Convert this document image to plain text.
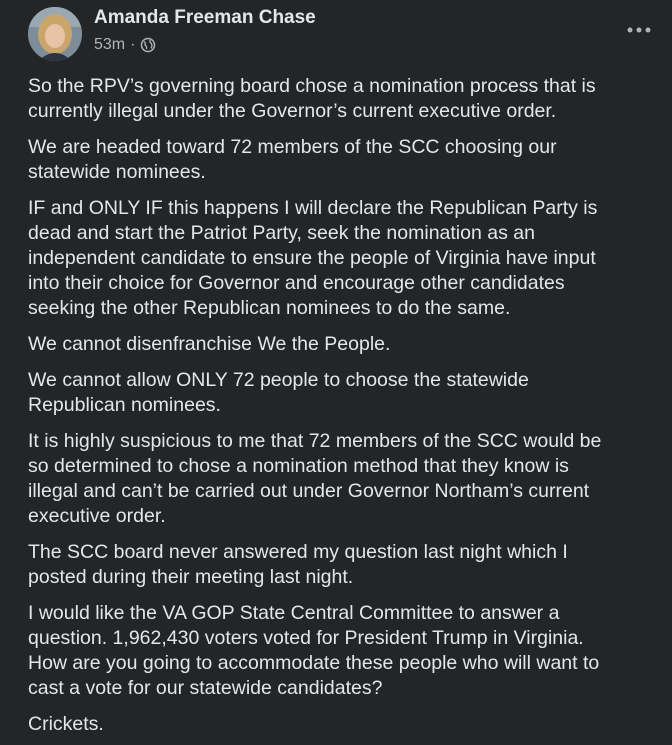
Amanda Freeman Chase
53m ·

So the RPV’s governing board chose a nomination process that is
currently illegal under the Governor’s current executive order.

We are headed toward 72 members of the SCC choosing our
statewide nominees.

IF and ONLY IF this happens I will declare the Republican Party is
dead and start the Patriot Party, seek the nomination as an
independent candidate to ensure the people of Virginia have input
into their choice for Governor and encourage other candidates
seeking the other Republican nominees to do the same.

We cannot disenfranchise We the People.

We cannot allow ONLY 72 people to choose the statewide
Republican nominees.

It is highly suspicious to me that 72 members of the SCC would be
so determined to chose a nomination method that they know is
illegal and can’t be carried out under Governor Northam’s current
executive order.

The SCC board never answered my question last night which I
posted during their meeting last night.

I would like the VA GOP State Central Committee to answer a
question. 1,962,430 voters voted for President Trump in Virginia.
How are you going to accommodate these people who will want to
cast a vote for our statewide candidates?

Crickets.
